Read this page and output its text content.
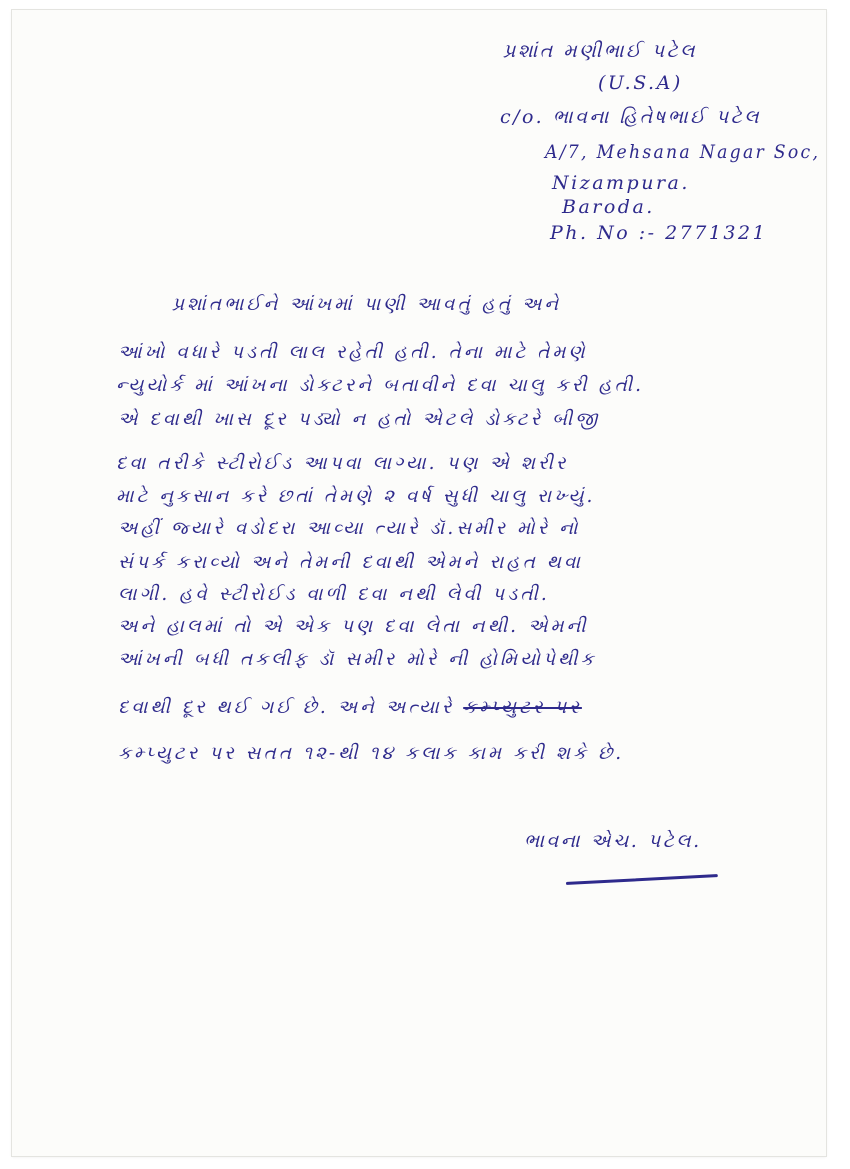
પ્રશાંત મણીભાઈ પટેલ
(U.S.A)
c/o. ભાવના હિતેષભાઈ પટેલ
A/7, Mehsana Nagar Soc,
Nizampura.
Baroda.
Ph. No :- 2771321
પ્રશાંતભાઈને આંખમાં પાણી આવતું હતું અને
આંખો વધારે પડતી લાલ રહેતી હતી. તેના માટે તેમણે
ન્યુયોર્ક માં આંખના ડોક્ટરને બતાવીને દવા ચાલુ કરી હતી.
એ દવાથી ખાસ દૂર પડ્યો ન હતો એટલે ડોક્ટરે બીજી
દવા તરીકે સ્ટીરોઈડ આપવા લાગ્યા. પણ એ શરીર
માટે નુકસાન કરે છતાં તેમણે ૨ વર્ષ સુધી ચાલુ રાખ્યું.
અહીં જ્યારે વડોદરા આવ્યા ત્યારે ડૉ.સમીર મોરે નો
સંપર્ક કરાવ્યો અને તેમની દવાથી એમને રાહત થવા
લાગી. હવે સ્ટીરોઈડ વાળી દવા નથી લેવી પડતી.
અને હાલમાં તો એ એક પણ દવા લેતા નથી. એમની
આંખની બધી તકલીફ ડૉ સમીર મોરે ની હોમિયોપેથીક
દવાથી દૂર થઈ ગઈ છે. અને અત્યારે કમ્પ્યુટર પર
કમ્પ્યુટર પર સતત ૧૨-થી ૧૪ કલાક કામ કરી શકે છે.
ભાવના એચ. પટેલ.
